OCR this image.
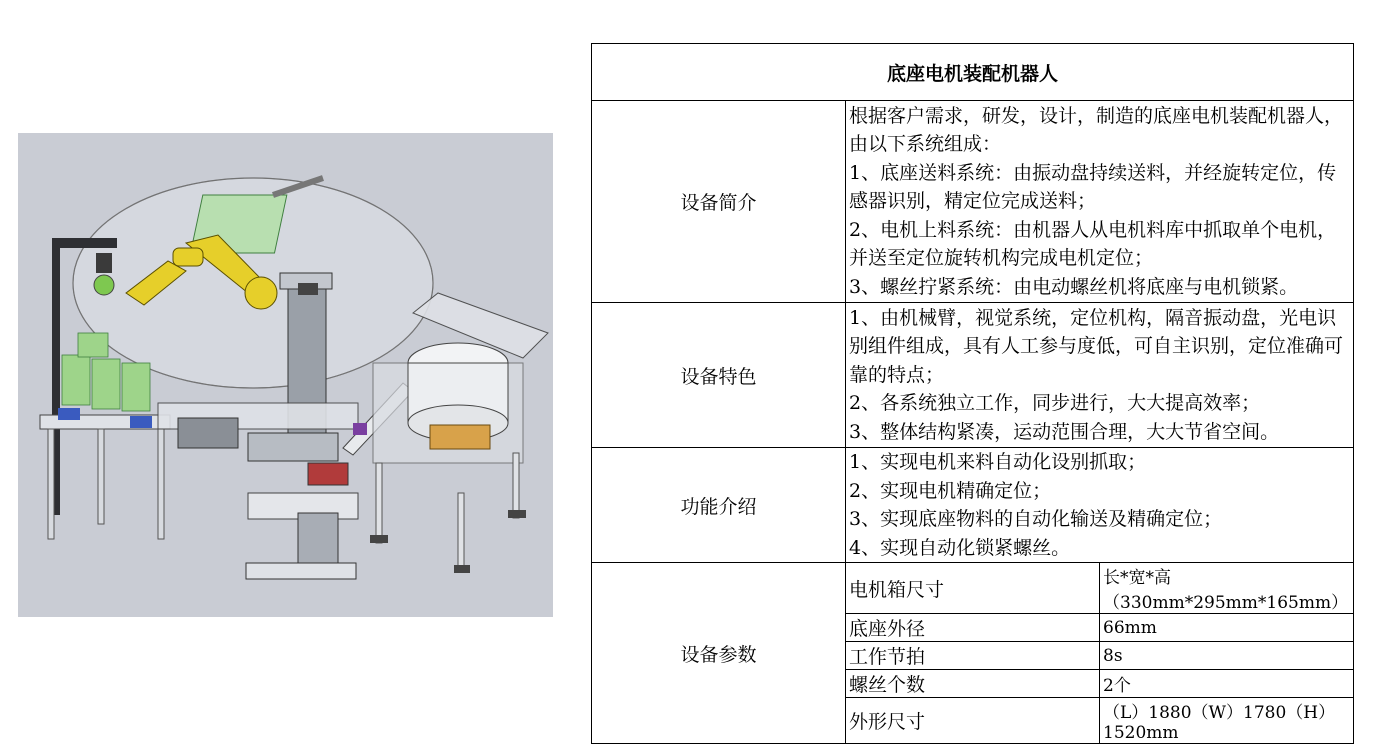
底座电机装配机器人		
设备简介	根据客户需求，研发，设计，制造的底座电机装配机器人，由以下系统组成：
1、底座送料系统：由振动盘持续送料，并经旋转定位，传感器识别，精定位完成送料；
2、电机上料系统：由机器人从电机料库中抓取单个电机，并送至定位旋转机构完成电机定位；
3、螺丝拧紧系统：由电动螺丝机将底座与电机锁紧。	

设备特色	1、由机械臂，视觉系统，定位机构，隔音振动盘，光电识别组件组成，具有人工参与度低，可自主识别，定位准确可靠的特点；
2、各系统独立工作，同步进行，大大提高效率；
3、整体结构紧凑，运动范围合理，大大节省空间。	

功能介绍	1、实现电机来料自动化设别抓取；
2、实现电机精确定位；
3、实现底座物料的自动化输送及精确定位；
4、实现自动化锁紧螺丝。	

设备参数	电机箱尺寸	长*宽*高（330mm*295mm*165mm）
	底座外径	66mm
	工作节拍	8s
	螺丝个数	2个
	外形尺寸	（L）1880（W）1780（H）1520mm
